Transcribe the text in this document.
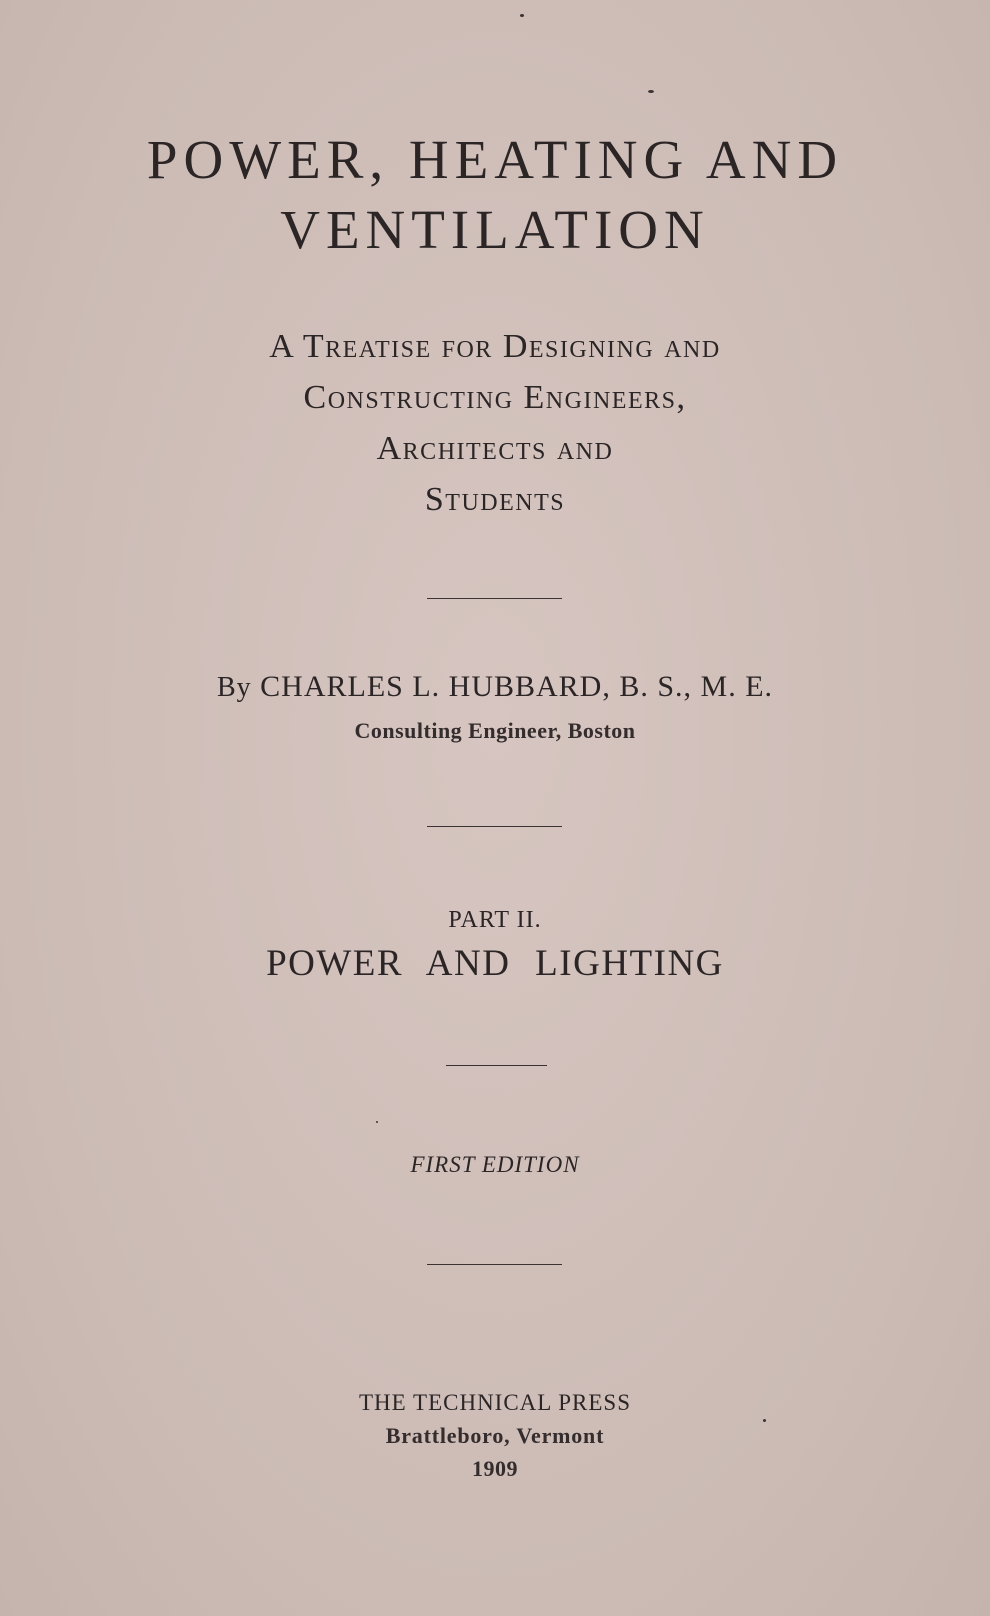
POWER, HEATING AND
VENTILATION
A Treatise for Designing and
Constructing Engineers,
Architects and
Students
By CHARLES L. HUBBARD, B. S., M. E.
Consulting Engineer, Boston
PART II.
POWER AND LIGHTING
FIRST EDITION
THE TECHNICAL PRESS
Brattleboro, Vermont
1909
